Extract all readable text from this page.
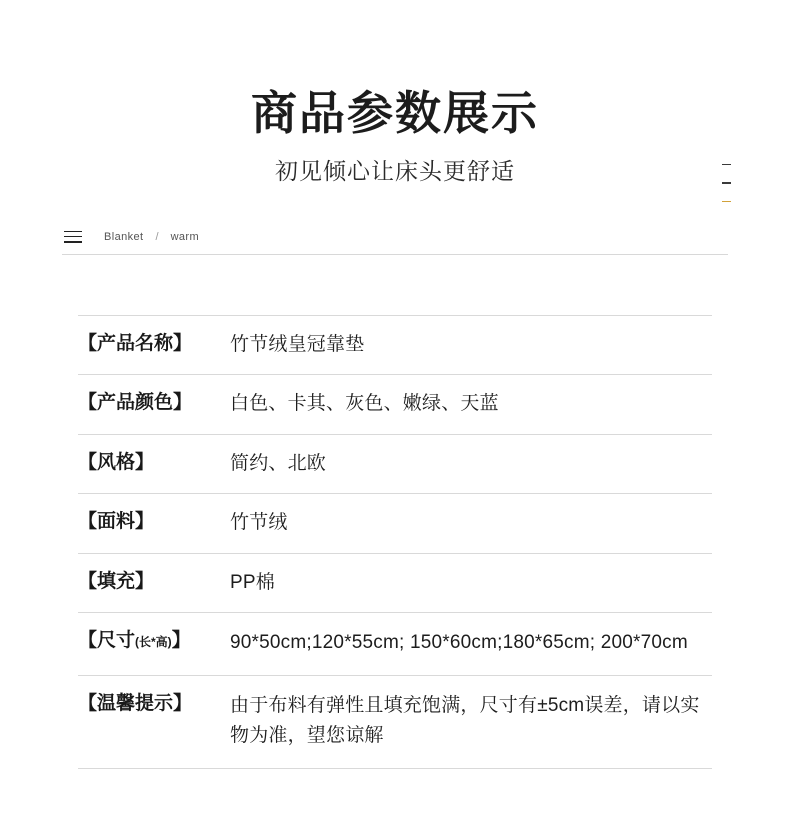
商品参数展示
初见倾心让床头更舒适
Blanket / warm
【产品名称】	竹节绒皇冠靠垫
【产品颜色】	白色、卡其、灰色、嫩绿、天蓝
【风格】	简约、北欧
【面料】	竹节绒
【填充】	PP棉
【尺寸(长*高)】	90*50cm;120*55cm; 150*60cm;180*65cm; 200*70cm
【温馨提示】	由于布料有弹性且填充饱满，尺寸有±5cm误差，请以实物为准，望您谅解
